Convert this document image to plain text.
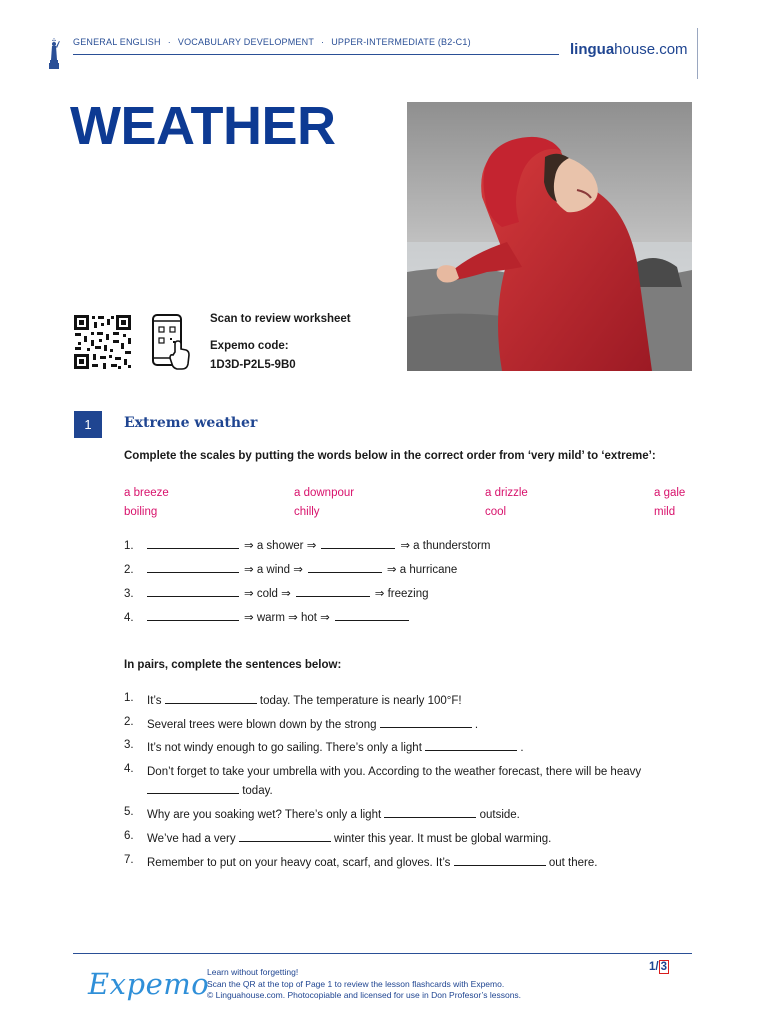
GENERAL ENGLISH · VOCABULARY DEVELOPMENT · UPPER-INTERMEDIATE (B2-C1)	linguahouse.com
WEATHER
Scan to review worksheet
Expemo code:
1D3D-P2L5-9B0
1	Extreme weather
Complete the scales by putting the words below in the correct order from ‘very mild’ to ‘extreme’:
a breeze	a downpour	a drizzle	a gale
boiling	chilly	cool	mild
1.	⇒ a shower ⇒	⇒ a thunderstorm
2.	⇒ a wind ⇒	⇒ a hurricane
3.	⇒ cold ⇒	⇒ freezing
4.	⇒ warm ⇒ hot ⇒
In pairs, complete the sentences below:
1.	It’s	today. The temperature is nearly 100°F!
2.	Several trees were blown down by the strong	.
3.	It’s not windy enough to go sailing. There’s only a light	.
4.	Don’t forget to take your umbrella with you. According to the weather forecast, there will be heavy
today.
5.	Why are you soaking wet? There’s only a light	outside.
6.	We’ve had a very	winter this year. It must be global warming.
7.	Remember to put on your heavy coat, scarf, and gloves. It’s	out there.
Expemo
Learn without forgetting!
Scan the QR at the top of Page 1 to review the lesson flashcards with Expemo.
© Linguahouse.com. Photocopiable and licensed for use in Don Profesor’s lessons.
1/ 3
